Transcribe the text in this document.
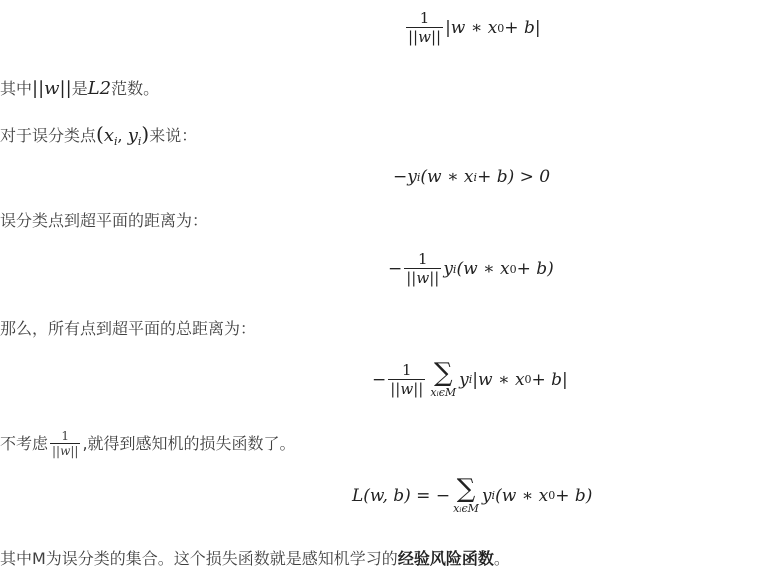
$\frac{1}{||w||} |w$ ∗ x 0 + b|
其中||w||是L2范数。
对于误分类点($x_i$, $y_i$)来说：
−y i (w ∗ x i + b) > 0
误分类点到超平面的距离为：
− $\frac{1}{||w||}$ y i (w ∗ x 0 + b)
那么，所有点到超平面的总距离为：
− $\frac{1}{||w||}$ ∑
xᵢϵM
y i |w ∗ x 0 + b|
不考虑 $\frac{1}{||w||}$ ,就得到感知机的损失函数了。
L(w, b) = − ∑
xᵢϵM
y i (w ∗ x 0 + b)
其中M为误分类的集合。这个损失函数就是感知机学习的经验风险函数。
